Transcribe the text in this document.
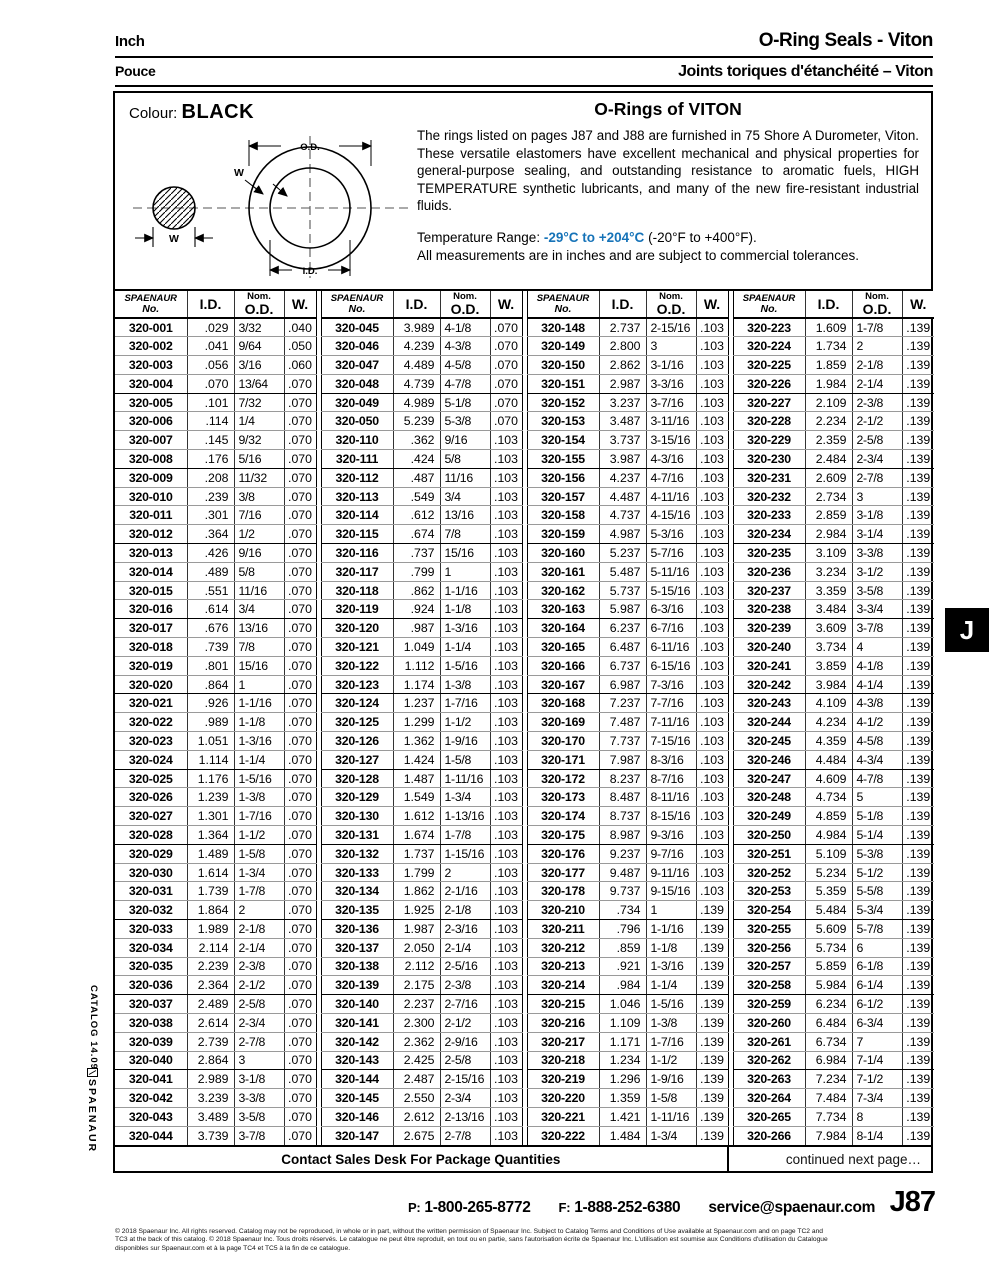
Inch	O-Ring Seals - Viton
Pouce	Joints toriques d'étanchéité – Viton
Colour: BLACK
W
O.D.
I.D.
W
O-Rings of VITON

The rings listed on pages J87 and J88 are furnished in 75 Shore A Durometer, Viton. These versatile elastomers have excellent mechanical and physical properties for general-purpose sealing, and outstanding resistance to aromatic fuels, HIGH TEMPERATURE synthetic lubricants, and many of the new fire-resistant industrial fluids.

Temperature Range: -29°C to +204°C (-20°F to +400°F).
All measurements are in inches and are subject to commercial tolerances.
SPAENAUR
No.	I.D.	Nom.
O.D.	W.
320-001	.029	3/32	.040
320-002	.041	9/64	.050
320-003	.056	3/16	.060
320-004	.070	13/64	.070
320-005	.101	7/32	.070
320-006	.114	1/4	.070
320-007	.145	9/32	.070
320-008	.176	5/16	.070
320-009	.208	11/32	.070
320-010	.239	3/8	.070
320-011	.301	7/16	.070
320-012	.364	1/2	.070
320-013	.426	9/16	.070
320-014	.489	5/8	.070
320-015	.551	11/16	.070
320-016	.614	3/4	.070
320-017	.676	13/16	.070
320-018	.739	7/8	.070
320-019	.801	15/16	.070
320-020	.864	1	.070
320-021	.926	1-1/16	.070
320-022	.989	1-1/8	.070
320-023	1.051	1-3/16	.070
320-024	1.114	1-1/4	.070
320-025	1.176	1-5/16	.070
320-026	1.239	1-3/8	.070
320-027	1.301	1-7/16	.070
320-028	1.364	1-1/2	.070
320-029	1.489	1-5/8	.070
320-030	1.614	1-3/4	.070
320-031	1.739	1-7/8	.070
320-032	1.864	2	.070
320-033	1.989	2-1/8	.070
320-034	2.114	2-1/4	.070
320-035	2.239	2-3/8	.070
320-036	2.364	2-1/2	.070
320-037	2.489	2-5/8	.070
320-038	2.614	2-3/4	.070
320-039	2.739	2-7/8	.070
320-040	2.864	3	.070
320-041	2.989	3-1/8	.070
320-042	3.239	3-3/8	.070
320-043	3.489	3-5/8	.070
320-044	3.739	3-7/8	.070
SPAENAUR
No.	I.D.	Nom.
O.D.	W.
320-045	3.989	4-1/8	.070
320-046	4.239	4-3/8	.070
320-047	4.489	4-5/8	.070
320-048	4.739	4-7/8	.070
320-049	4.989	5-1/8	.070
320-050	5.239	5-3/8	.070
320-110	.362	9/16	.103
320-111	.424	5/8	.103
320-112	.487	11/16	.103
320-113	.549	3/4	.103
320-114	.612	13/16	.103
320-115	.674	7/8	.103
320-116	.737	15/16	.103
320-117	.799	1	.103
320-118	.862	1-1/16	.103
320-119	.924	1-1/8	.103
320-120	.987	1-3/16	.103
320-121	1.049	1-1/4	.103
320-122	1.112	1-5/16	.103
320-123	1.174	1-3/8	.103
320-124	1.237	1-7/16	.103
320-125	1.299	1-1/2	.103
320-126	1.362	1-9/16	.103
320-127	1.424	1-5/8	.103
320-128	1.487	1-11/16	.103
320-129	1.549	1-3/4	.103
320-130	1.612	1-13/16	.103
320-131	1.674	1-7/8	.103
320-132	1.737	1-15/16	.103
320-133	1.799	2	.103
320-134	1.862	2-1/16	.103
320-135	1.925	2-1/8	.103
320-136	1.987	2-3/16	.103
320-137	2.050	2-1/4	.103
320-138	2.112	2-5/16	.103
320-139	2.175	2-3/8	.103
320-140	2.237	2-7/16	.103
320-141	2.300	2-1/2	.103
320-142	2.362	2-9/16	.103
320-143	2.425	2-5/8	.103
320-144	2.487	2-15/16	.103
320-145	2.550	2-3/4	.103
320-146	2.612	2-13/16	.103
320-147	2.675	2-7/8	.103
SPAENAUR
No.	I.D.	Nom.
O.D.	W.
320-148	2.737	2-15/16	.103
320-149	2.800	3	.103
320-150	2.862	3-1/16	.103
320-151	2.987	3-3/16	.103
320-152	3.237	3-7/16	.103
320-153	3.487	3-11/16	.103
320-154	3.737	3-15/16	.103
320-155	3.987	4-3/16	.103
320-156	4.237	4-7/16	.103
320-157	4.487	4-11/16	.103
320-158	4.737	4-15/16	.103
320-159	4.987	5-3/16	.103
320-160	5.237	5-7/16	.103
320-161	5.487	5-11/16	.103
320-162	5.737	5-15/16	.103
320-163	5.987	6-3/16	.103
320-164	6.237	6-7/16	.103
320-165	6.487	6-11/16	.103
320-166	6.737	6-15/16	.103
320-167	6.987	7-3/16	.103
320-168	7.237	7-7/16	.103
320-169	7.487	7-11/16	.103
320-170	7.737	7-15/16	.103
320-171	7.987	8-3/16	.103
320-172	8.237	8-7/16	.103
320-173	8.487	8-11/16	.103
320-174	8.737	8-15/16	.103
320-175	8.987	9-3/16	.103
320-176	9.237	9-7/16	.103
320-177	9.487	9-11/16	.103
320-178	9.737	9-15/16	.103
320-210	.734	1	.139
320-211	.796	1-1/16	.139
320-212	.859	1-1/8	.139
320-213	.921	1-3/16	.139
320-214	.984	1-1/4	.139
320-215	1.046	1-5/16	.139
320-216	1.109	1-3/8	.139
320-217	1.171	1-7/16	.139
320-218	1.234	1-1/2	.139
320-219	1.296	1-9/16	.139
320-220	1.359	1-5/8	.139
320-221	1.421	1-11/16	.139
320-222	1.484	1-3/4	.139
SPAENAUR
No.	I.D.	Nom.
O.D.	W.
320-223	1.609	1-7/8	.139
320-224	1.734	2	.139
320-225	1.859	2-1/8	.139
320-226	1.984	2-1/4	.139
320-227	2.109	2-3/8	.139
320-228	2.234	2-1/2	.139
320-229	2.359	2-5/8	.139
320-230	2.484	2-3/4	.139
320-231	2.609	2-7/8	.139
320-232	2.734	3	.139
320-233	2.859	3-1/8	.139
320-234	2.984	3-1/4	.139
320-235	3.109	3-3/8	.139
320-236	3.234	3-1/2	.139
320-237	3.359	3-5/8	.139
320-238	3.484	3-3/4	.139
320-239	3.609	3-7/8	.139
320-240	3.734	4	.139
320-241	3.859	4-1/8	.139
320-242	3.984	4-1/4	.139
320-243	4.109	4-3/8	.139
320-244	4.234	4-1/2	.139
320-245	4.359	4-5/8	.139
320-246	4.484	4-3/4	.139
320-247	4.609	4-7/8	.139
320-248	4.734	5	.139
320-249	4.859	5-1/8	.139
320-250	4.984	5-1/4	.139
320-251	5.109	5-3/8	.139
320-252	5.234	5-1/2	.139
320-253	5.359	5-5/8	.139
320-254	5.484	5-3/4	.139
320-255	5.609	5-7/8	.139
320-256	5.734	6	.139
320-257	5.859	6-1/8	.139
320-258	5.984	6-1/4	.139
320-259	6.234	6-1/2	.139
320-260	6.484	6-3/4	.139
320-261	6.734	7	.139
320-262	6.984	7-1/4	.139
320-263	7.234	7-1/2	.139
320-264	7.484	7-3/4	.139
320-265	7.734	8	.139
320-266	7.984	8-1/4	.139
Contact Sales Desk For Package Quantities	continued next page…
P: 1-800-265-8772 F: 1-888-252-6380 service@spaenaur.com J87
© 2018 Spaenaur Inc. All rights reserved. Catalog may not be reproduced, in whole or in part, without the written permission of Spaenaur Inc. Subject to Catalog Terms and Conditions of Use available at Spaenaur.com and on page TC2 and
TC3 at the back of this catalog. © 2018 Spaenaur Inc. Tous droits réservés. Le catalogue ne peut être reproduit, en tout ou en partie, sans l'autorisation écrite de Spaenaur Inc. L'utilisation est soumise aux Conditions d'utilisation du Catalogue
disponibles sur Spaenaur.com et à la page TC4 et TC5 à la fin de ce catalogue.
CATALOG 14.09
SPAENAUR
J
